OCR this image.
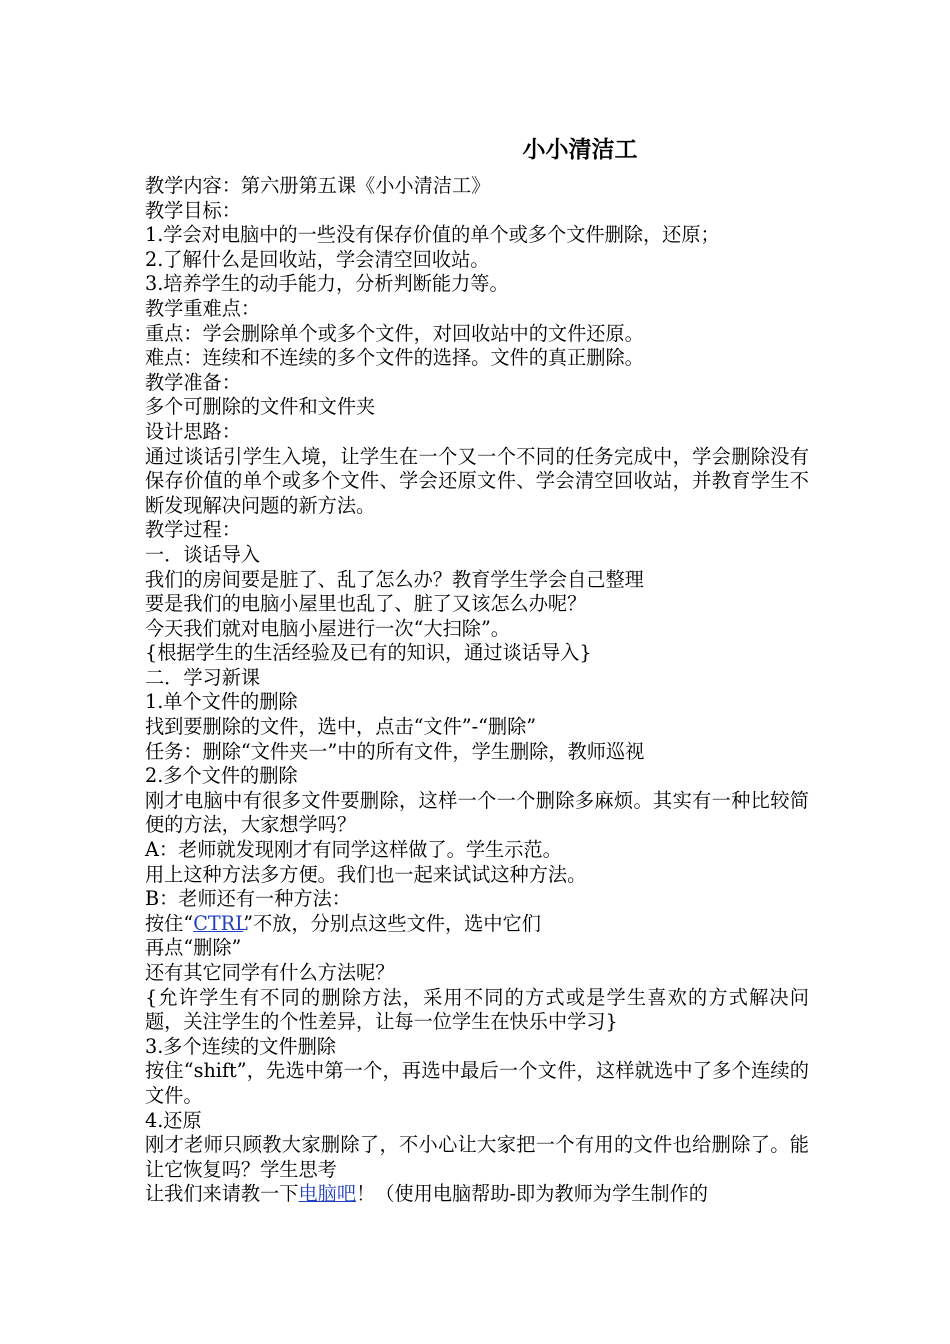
小小清洁工

教学内容：第六册第五课《小小清洁工》

教学目标：

1.学会对电脑中的一些没有保存价值的单个或多个文件删除，还原；

2.了解什么是回收站，学会清空回收站。

3.培养学生的动手能力，分析判断能力等。

教学重难点：

重点：学会删除单个或多个文件，对回收站中的文件还原。

难点：连续和不连续的多个文件的选择。文件的真正删除。

教学准备：

多个可删除的文件和文件夹

设计思路：

通过谈话引学生入境，让学生在一个又一个不同的任务完成中，学会删除没有保存价值的单个或多个文件、学会还原文件、学会清空回收站，并教育学生不断发现解决问题的新方法。

教学过程：

一．谈话导入

我们的房间要是脏了、乱了怎么办？教育学生学会自己整理

要是我们的电脑小屋里也乱了、脏了又该怎么办呢？

今天我们就对电脑小屋进行一次“大扫除”。

{根据学生的生活经验及已有的知识，通过谈话导入}

二．学习新课

1.单个文件的删除

找到要删除的文件，选中，点击“文件”-“删除”

任务：删除“文件夹一”中的所有文件，学生删除，教师巡视

2.多个文件的删除

刚才电脑中有很多文件要删除，这样一个一个删除多麻烦。其实有一种比较简便的方法，大家想学吗？

A：老师就发现刚才有同学这样做了。学生示范。

用上这种方法多方便。我们也一起来试试这种方法。

B：老师还有一种方法：

按住“CTRL”不放，分别点这些文件，选中它们

再点“删除”

还有其它同学有什么方法呢？

{允许学生有不同的删除方法，采用不同的方式或是学生喜欢的方式解决问题，关注学生的个性差异，让每一位学生在快乐中学习}

3.多个连续的文件删除

按住“shift”，先选中第一个，再选中最后一个文件，这样就选中了多个连续的文件。

4.还原

刚才老师只顾教大家删除了，不小心让大家把一个有用的文件也给删除了。能让它恢复吗？学生思考

让我们来请教一下电脑吧！（使用电脑帮助-即为教师为学生制作的
